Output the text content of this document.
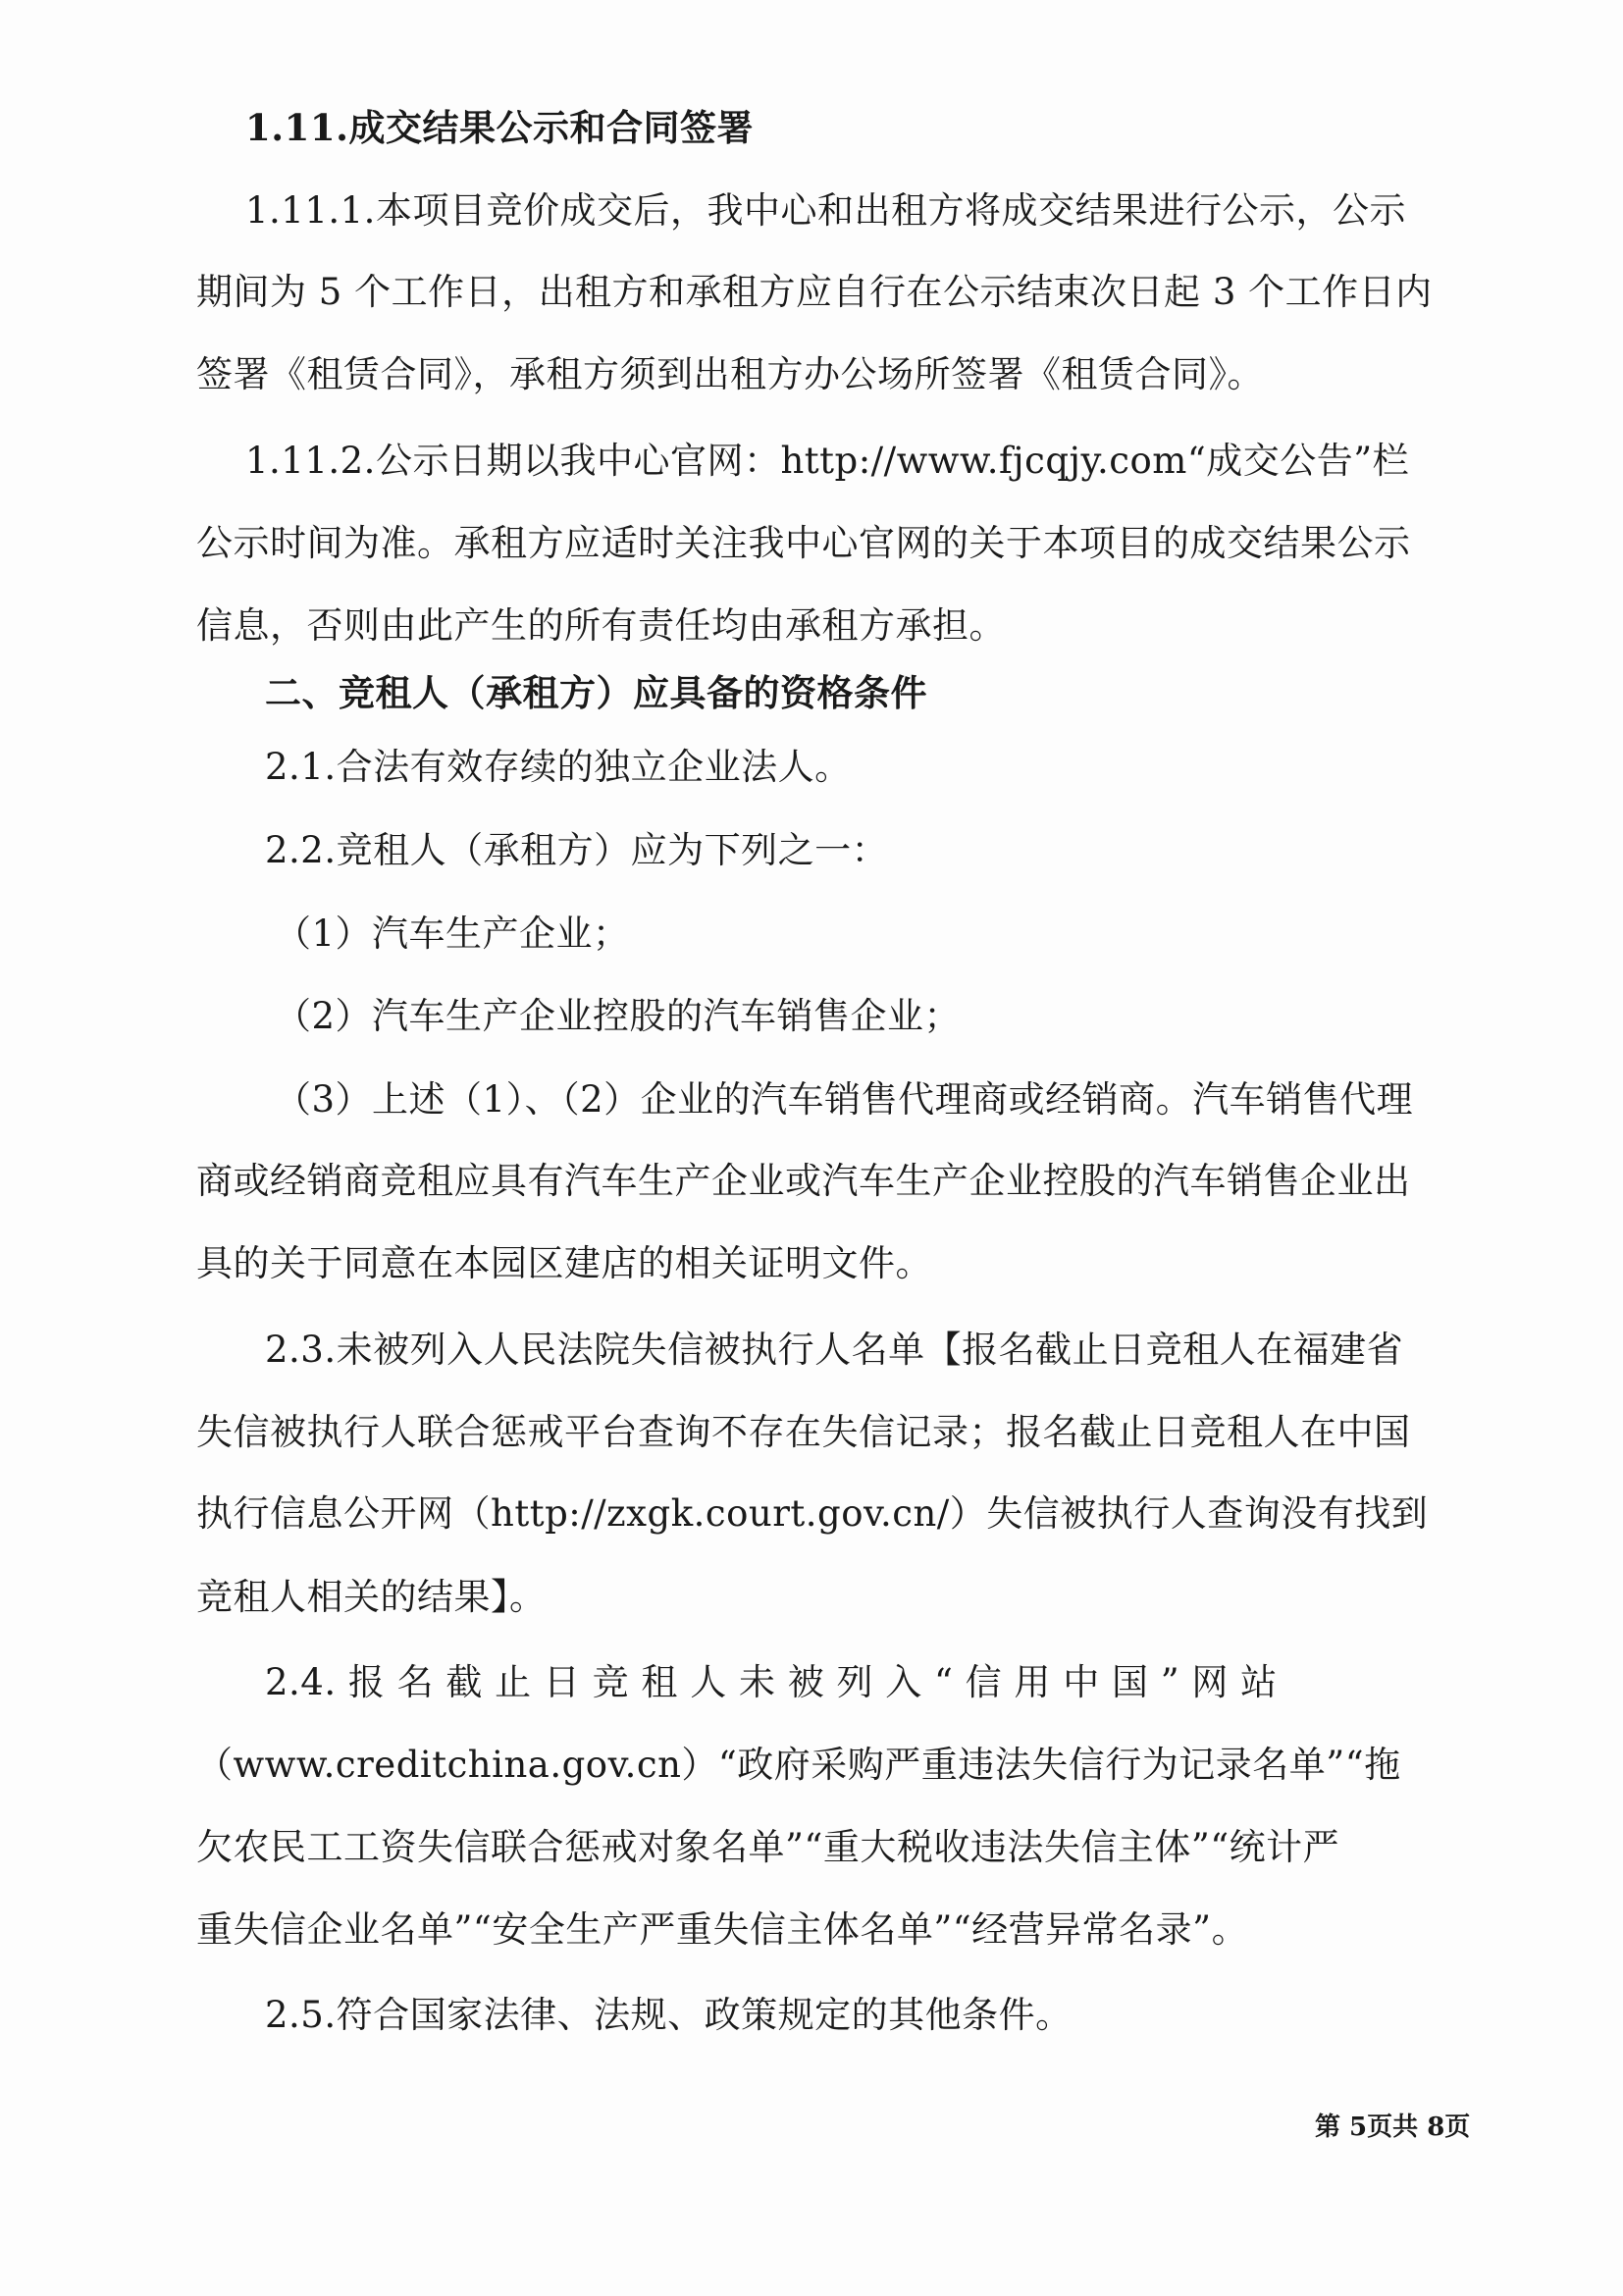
1.11.成交结果公示和合同签署
1.11.1.本项目竞价成交后，我中心和出租方将成交结果进行公示，公示
期间为 5 个工作日，出租方和承租方应自行在公示结束次日起 3 个工作日内
签署《租赁合同》，承租方须到出租方办公场所签署《租赁合同》。
1.11.2.公示日期以我中心官网：http://www.fjcqjy.com“成交公告”栏
公示时间为准。承租方应适时关注我中心官网的关于本项目的成交结果公示
信息，否则由此产生的所有责任均由承租方承担。
二、竞租人（承租方）应具备的资格条件
2.1.合法有效存续的独立企业法人。
2.2.竞租人（承租方）应为下列之一：
（1）汽车生产企业；
（2）汽车生产企业控股的汽车销售企业；
（3）上述（1）、（2）企业的汽车销售代理商或经销商。汽车销售代理
商或经销商竞租应具有汽车生产企业或汽车生产企业控股的汽车销售企业出
具的关于同意在本园区建店的相关证明文件。
2.3.未被列入人民法院失信被执行人名单【报名截止日竞租人在福建省
失信被执行人联合惩戒平台查询不存在失信记录；报名截止日竞租人在中国
执行信息公开网（http://zxgk.court.gov.cn/）失信被执行人查询没有找到
竞租人相关的结果】。
2.4. 报 名 截 止 日 竞 租 人 未 被 列 入 “ 信 用 中 国 ” 网 站
（www.creditchina.gov.cn）“政府采购严重违法失信行为记录名单”“拖
欠农民工工资失信联合惩戒对象名单”“重大税收违法失信主体”“统计严
重失信企业名单”“安全生产严重失信主体名单”“经营异常名录”。
2.5.符合国家法律、法规、政策规定的其他条件。
第 5页共 8页
